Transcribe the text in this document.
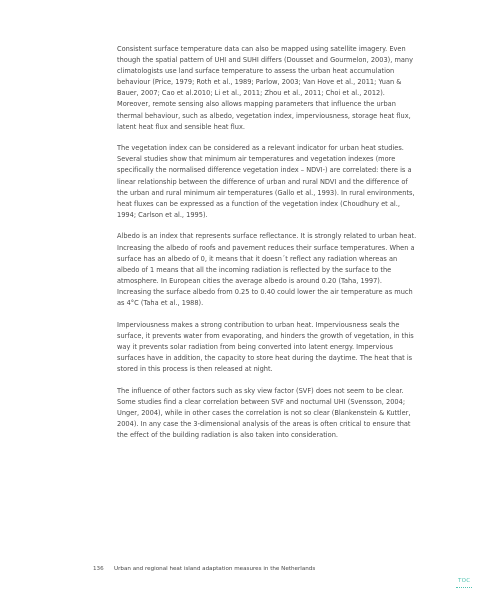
Consistent surface temperature data can also be mapped using satellite imagery. Even though the spatial pattern of UHI and SUHI differs (Dousset and Gourmelon, 2003), many climatologists use land surface temperature to assess the urban heat accumulation behaviour (Price, 1979; Roth et al., 1989; Parlow, 2003; Van Hove et al., 2011; Yuan & Bauer, 2007; Cao et al.2010; Li et al., 2011; Zhou et al., 2011; Choi et al., 2012). Moreover, remote sensing also allows mapping parameters that influence the urban thermal behaviour, such as albedo, vegetation index, imperviousness, storage heat flux, latent heat flux and sensible heat flux.

The vegetation index can be considered as a relevant indicator for urban heat studies. Several studies show that minimum air temperatures and vegetation indexes (more specifically the normalised difference vegetation index – NDVI-) are correlated: there is a linear relationship between the difference of urban and rural NDVI and the difference of the urban and rural minimum air temperatures (Gallo et al., 1993). In rural environments, heat fluxes can be expressed as a function of the vegetation index (Choudhury et al., 1994; Carlson et al., 1995).

Albedo is an index that represents surface reflectance. It is strongly related to urban heat. Increasing the albedo of roofs and pavement reduces their surface temperatures. When a surface has an albedo of 0, it means that it doesn´t reflect any radiation whereas an albedo of 1 means that all the incoming radiation is reflected by the surface to the atmosphere. In European cities the average albedo is around 0.20 (Taha, 1997). Increasing the surface albedo from 0.25 to 0.40 could lower the air temperature as much as 4°C (Taha et al., 1988).

Imperviousness makes a strong contribution to urban heat. Imperviousness seals the surface, it prevents water from evaporating, and hinders the growth of vegetation, in this way it prevents solar radiation from being converted into latent energy. Impervious surfaces have in addition, the capacity to store heat during the daytime. The heat that is stored in this process is then released at night.

The influence of other factors such as sky view factor (SVF) does not seem to be clear. Some studies find a clear correlation between SVF and nocturnal UHI (Svensson, 2004; Unger, 2004), while in other cases the correlation is not so clear (Blankenstein & Kuttler, 2004). In any case the 3-dimensional analysis of the areas is often critical to ensure that the effect of the building radiation is also taken into consideration.

136	Urban and regional heat island adaptation measures in the Netherlands
TOC
